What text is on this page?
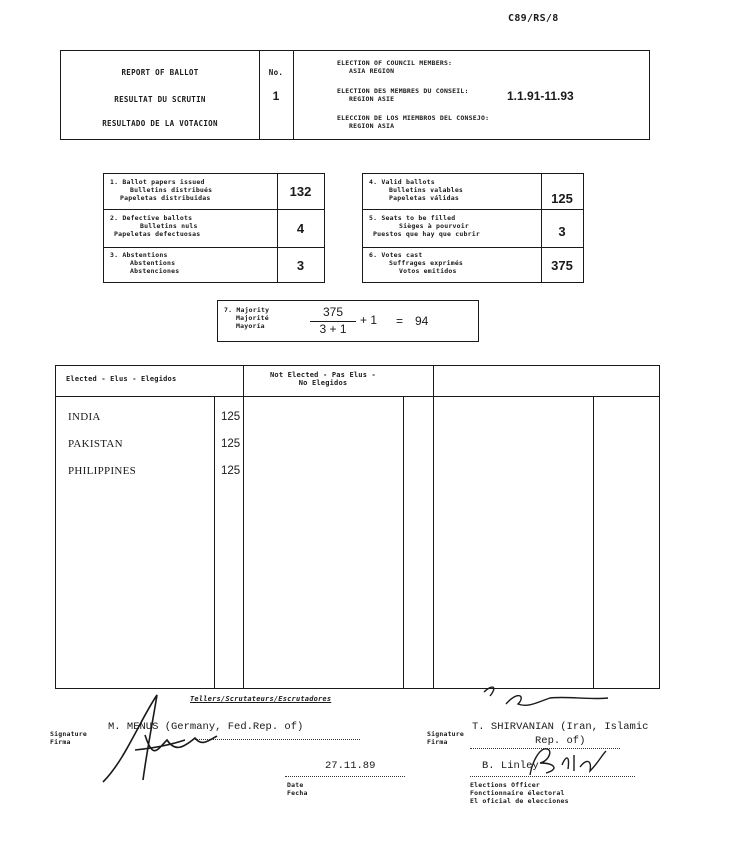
C89/RS/8
REPORT OF BALLOT
RESULTAT DU SCRUTIN
RESULTADO DE LA VOTACION
No.
1
ELECTION OF COUNCIL MEMBERS:
ASIA REGION
ELECTION DES MEMBRES DU CONSEIL:
REGION ASIE
ELECCION DE LOS MIEMBROS DEL CONSEJO:
REGION ASIA
1.1.91-11.93
1. Ballot papers issued
Bulletins distribués
Papeletas distribuidas	132
2. Defective ballots
Bulletins nuls
Papeletas defectuosas	4
3. Abstentions
Abstentions
Abstenciones	3
4. Valid ballots
Bulletins valables
Papeletas válidas	125
5. Seats to be filled
Sièges à pourvoir
Puestos que hay que cubrir	3
6. Votes cast
Suffrages exprimés
Votos emitidos	375
7. Majority
Majorité
Mayoría
375
3 + 1
+ 1 = 94
Elected - Elus - Elegidos	Not Elected - Pas Elus -
No Elegidos
INDIA	125
PAKISTAN	125
PHILIPPINES	125
Tellers/Scrutateurs/Escrutadores
Signature
Firma
M. MENUS (Germany, Fed.Rep. of)
Signature
Firma
T. SHIRVANIAN (Iran, Islamic
Rep. of)
27.11.89
Date
Fecha
B. Linley
Elections Officer
Fonctionnaire électoral
El oficial de elecciones
